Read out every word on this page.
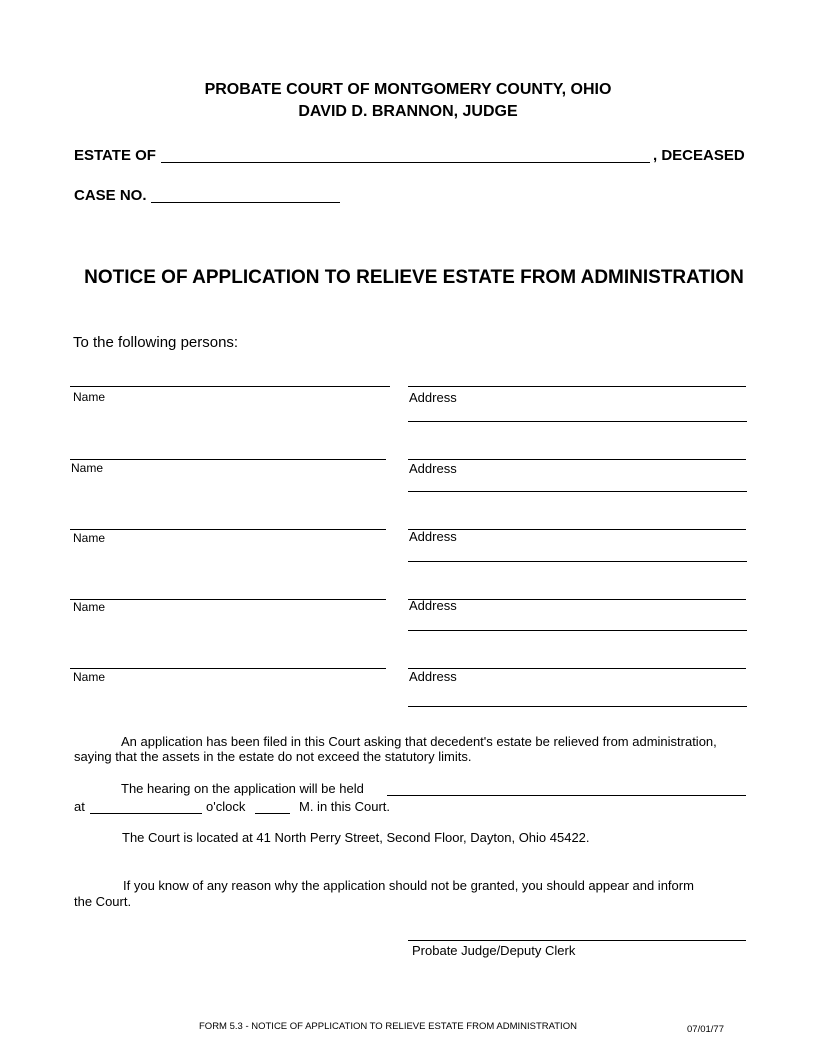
PROBATE COURT OF MONTGOMERY COUNTY, OHIO
DAVID D. BRANNON, JUDGE
ESTATE OF	, DECEASED
CASE NO.
NOTICE OF APPLICATION TO RELIEVE ESTATE FROM ADMINISTRATION
To the following persons:
Name	Address
Name	Address
Name	Address
Name	Address
Name	Address
An application has been filed in this Court asking that decedent's estate be relieved from administration,
saying that the assets in the estate do not exceed the statutory limits.
The hearing on the application will be held
at	o'clock	M. in this Court.
The Court is located at 41 North Perry Street, Second Floor, Dayton, Ohio 45422.
If you know of any reason why the application should not be granted, you should appear and inform
the Court.
Probate Judge/Deputy Clerk
FORM 5.3 - NOTICE OF APPLICATION TO RELIEVE ESTATE FROM ADMINISTRATION	07/01/77
